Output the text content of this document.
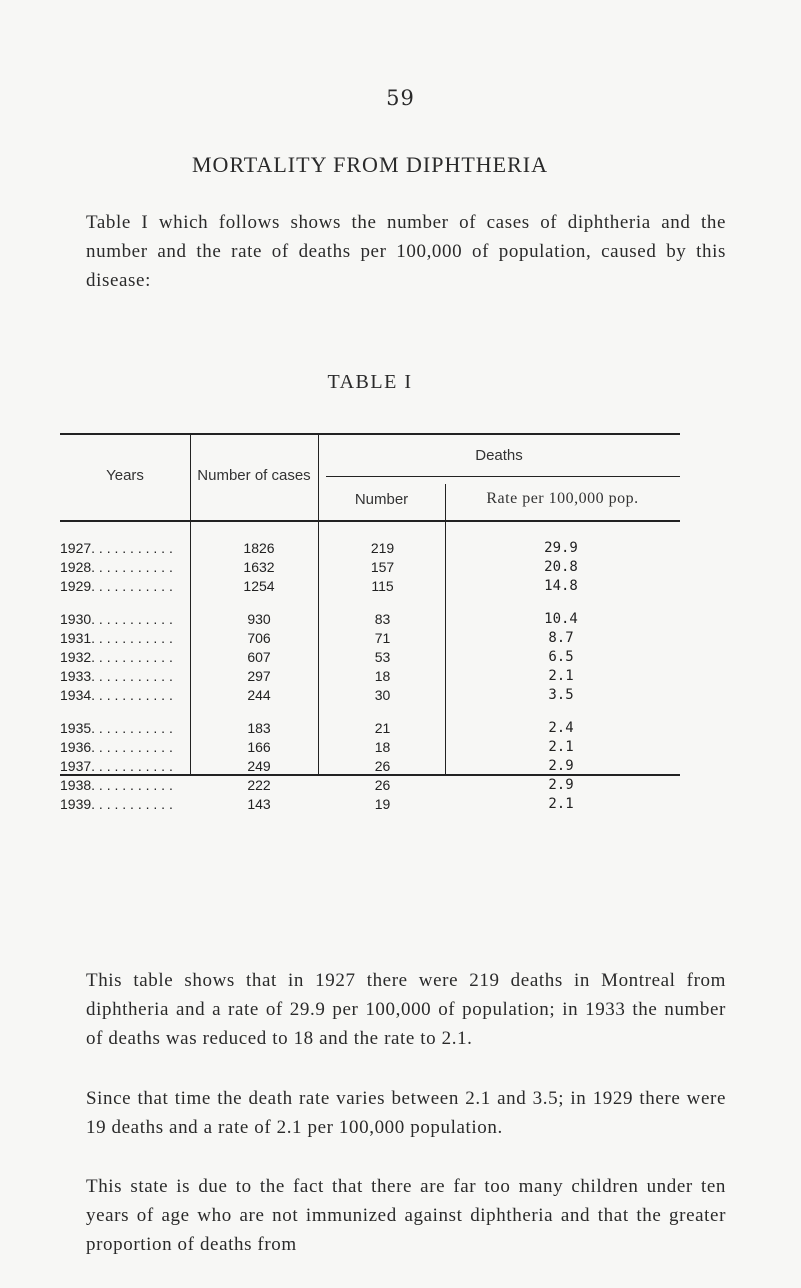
59
MORTALITY FROM DIPHTHERIA

Table I which follows shows the number of cases of diphtheria and the number and the rate of deaths per 100,000 of population, caused by this disease:

TABLE I
Years	Number of cases
Deaths
Number	Rate per 100,000 pop.
1927. . . . . . . . . . .	1826	219	29.9
1928. . . . . . . . . . .	1632	157	20.8
1929. . . . . . . . . . .	1254	115	14.8
1930. . . . . . . . . . .	930	83	10.4
1931. . . . . . . . . . .	706	71	8.7
1932. . . . . . . . . . .	607	53	6.5
1933. . . . . . . . . . .	297	18	2.1
1934. . . . . . . . . . .	244	30	3.5
1935. . . . . . . . . . .	183	21	2.4
1936. . . . . . . . . . .	166	18	2.1
1937. . . . . . . . . . .	249	26	2.9
1938. . . . . . . . . . .	222	26	2.9
1939. . . . . . . . . . .	143	19	2.1

This table shows that in 1927 there were 219 deaths in Montreal from diphtheria and a rate of 29.9 per 100,000 of population; in 1933 the number of deaths was reduced to 18 and the rate to 2.1.

Since that time the death rate varies between 2.1 and 3.5; in 1929 there were 19 deaths and a rate of 2.1 per 100,000 population.

This state is due to the fact that there are far too many children under ten years of age who are not immunized against diphtheria and that the greater proportion of deaths from
